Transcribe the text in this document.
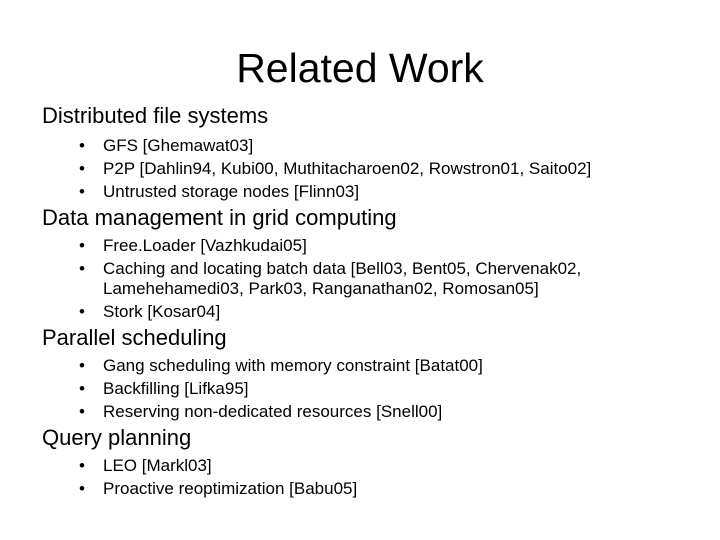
Related Work
Distributed file systems
•	GFS [Ghemawat03]
•	P2P [Dahlin94, Kubi00, Muthitacharoen02, Rowstron01, Saito02]
•	Untrusted storage nodes [Flinn03]
Data management in grid computing
•	Free.Loader [Vazhkudai05]
•	Caching and locating batch data [Bell03, Bent05, Chervenak02,
Lamehehamedi03, Park03, Ranganathan02, Romosan05]
•	Stork [Kosar04]
Parallel scheduling
•	Gang scheduling with memory constraint [Batat00]
•	Backfilling [Lifka95]
•	Reserving non-dedicated resources [Snell00]
Query planning
•	LEO [Markl03]
•	Proactive reoptimization [Babu05]
